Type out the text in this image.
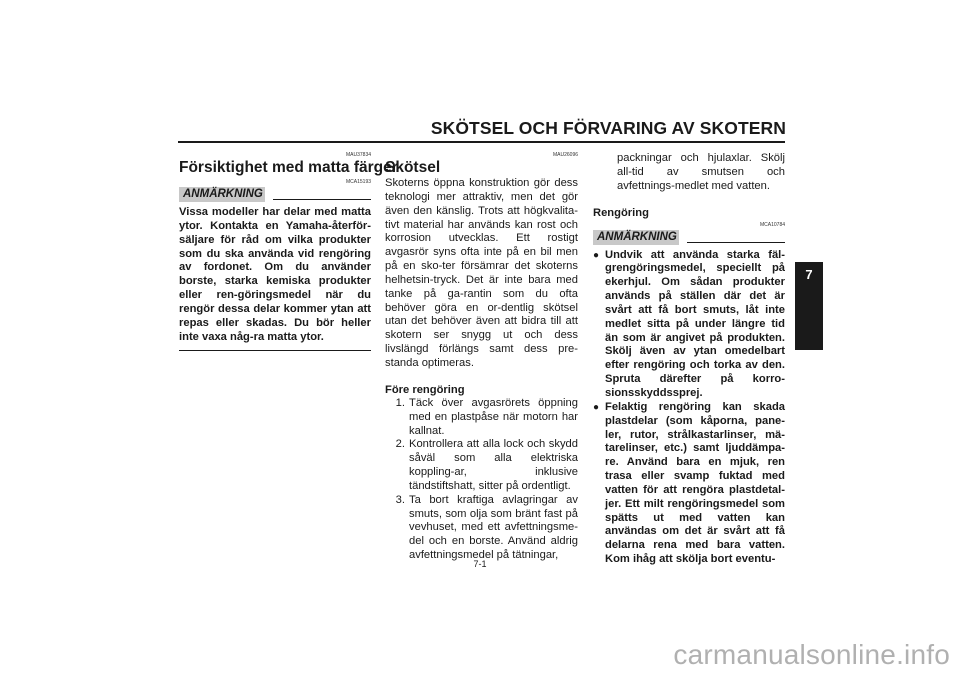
SKÖTSEL OCH FÖRVARING AV SKOTERN
7
MAU37834
Försiktighet med matta färger
MCA15193
ANMÄRKNING
Vissa modeller har delar med matta ytor. Kontakta en Yamaha-återför-säljare för råd om vilka produkter som du ska använda vid rengöring av fordonet. Om du använder borste, starka kemiska produkter eller ren-göringsmedel när du rengör dessa delar kommer ytan att repas eller skadas. Du bör heller inte vaxa någ-ra matta ytor.
MAU26096
Skötsel
Skoterns öppna konstruktion gör dess teknologi mer attraktiv, men det gör även den känslig. Trots att högkvalita-tivt material har används kan rost och korrosion utvecklas. Ett rostigt avgasrör syns ofta inte på en bil men på en sko-ter försämrar det skoterns helhetsin-tryck. Det är inte bara med tanke på ga-rantin som du ofta behöver göra en or-dentlig skötsel utan det behöver även att bidra till att skotern ser snygg ut och dess livslängd förlängs samt dess pre-standa optimeras.
Före rengöring
1. Täck över avgasrörets öppning med en plastpåse när motorn har kallnat.
2. Kontrollera att alla lock och skydd såväl som alla elektriska koppling-ar, inklusive tändstiftshatt, sitter på ordentligt.
3. Ta bort kraftiga avlagringar av smuts, som olja som bränt fast på vevhuset, med ett avfettningsme-del och en borste. Använd aldrig avfettningsmedel på tätningar,
packningar och hjulaxlar. Skölj all-tid av smutsen och avfettnings-medlet med vatten.
Rengöring
MCA10784
ANMÄRKNING
● Undvik att använda starka fäl-grengöringsmedel, speciellt på ekerhjul. Om sådan produkter används på ställen där det är svårt att få bort smuts, låt inte medlet sitta på under längre tid än som är angivet på produkten. Skölj även av ytan omedelbart efter rengöring och torka av den. Spruta därefter på korro-sionsskyddssprej.
● Felaktig rengöring kan skada plastdelar (som kåporna, pane-ler, rutor, strålkastarlinser, mä-tarelinser, etc.) samt ljuddämpa-re. Använd bara en mjuk, ren trasa eller svamp fuktad med vatten för att rengöra plastdetal-jer. Ett milt rengöringsmedel som spätts ut med vatten kan användas om det är svårt att få delarna rena med bara vatten. Kom ihåg att skölja bort eventu-
7-1
carmanualsonline.info
